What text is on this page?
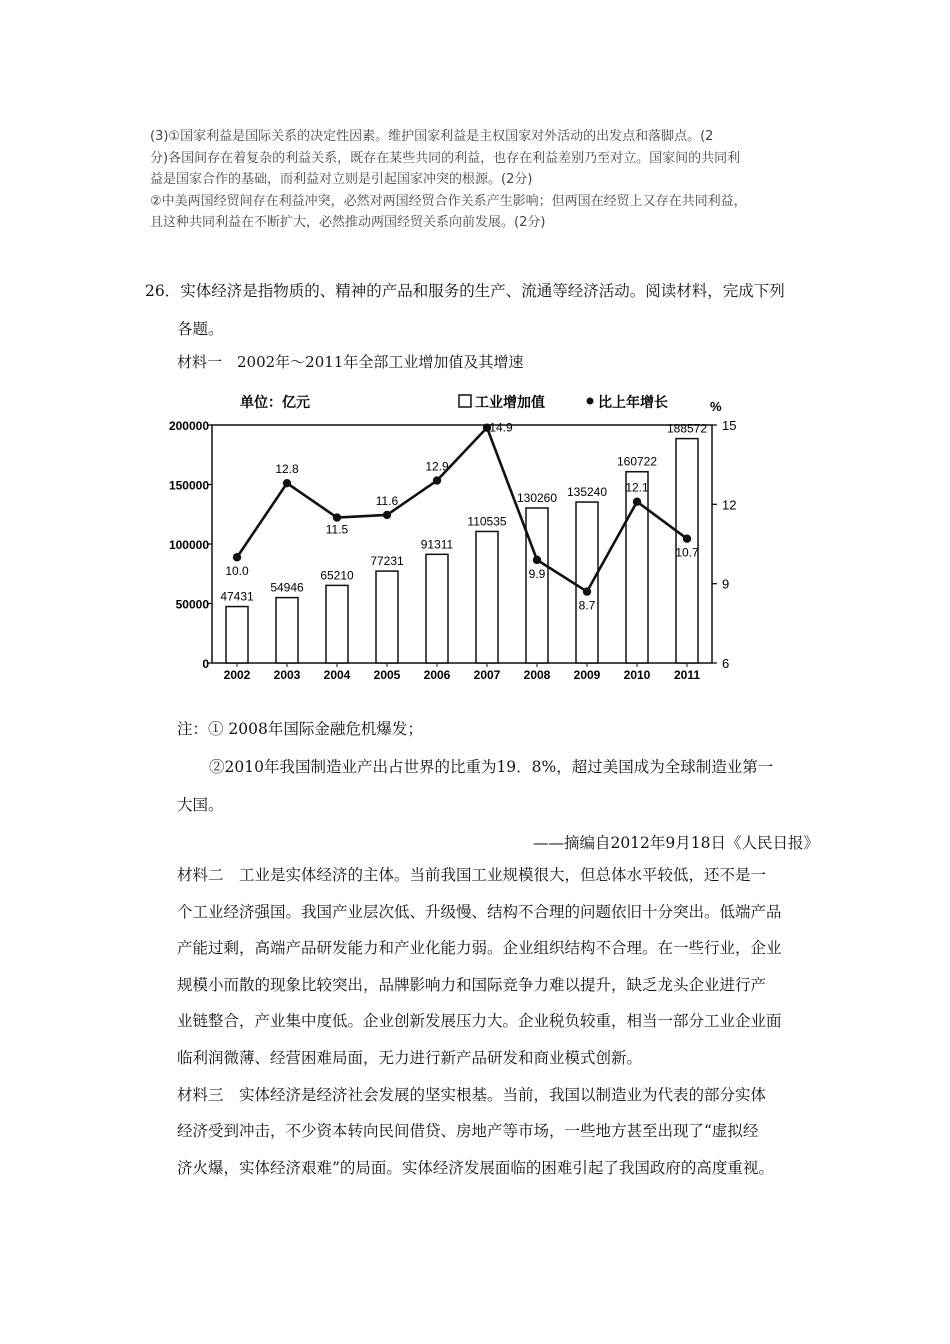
(3)①国家利益是国际关系的决定性因素。维护国家利益是主权国家对外活动的出发点和落脚点。(2
分)各国间存在着复杂的利益关系，既存在某些共同的利益，也存在利益差别乃至对立。国家间的共同利
益是国家合作的基础，而利益对立则是引起国家冲突的根源。(2分)
②中美两国经贸间存在利益冲突，必然对两国经贸合作关系产生影响；但两国在经贸上又存在共同利益，
且这种共同利益在不断扩大，必然推动两国经贸关系向前发展。(2分)
26．实体经济是指物质的、精神的产品和服务的生产、流通等经济活动。阅读材料，完成下列
各题。
材料一　2002年～2011年全部工业增加值及其增速
0
50000
100000
150000
200000
6
9
12
15
单位：亿元	工业增加值	比上年增长	%
47431
54946
65210
77231
91311
110535
130260 135240
160722
188572
10.0
12.8
11.5
11.6
12.9
14.9
9.9
8.7
12.1
10.7
2002 2003 2004 2005 2006 2007 2008 2009 2010 2011
注：① 2008年国际金融危机爆发；
②2010年我国制造业产出占世界的比重为19．8%，超过美国成为全球制造业第一
大国。
——摘编自2012年9月18日《人民日报》
材料二　工业是实体经济的主体。当前我国工业规模很大，但总体水平较低，还不是一
个工业经济强国。我国产业层次低、升级慢、结构不合理的问题依旧十分突出。低端产品
产能过剩，高端产品研发能力和产业化能力弱。企业组织结构不合理。在一些行业，企业
规模小而散的现象比较突出，品牌影响力和国际竞争力难以提升，缺乏龙头企业进行产
业链整合，产业集中度低。企业创新发展压力大。企业税负较重，相当一部分工业企业面
临利润微薄、经营困难局面，无力进行新产品研发和商业模式创新。
材料三　实体经济是经济社会发展的坚实根基。当前，我国以制造业为代表的部分实体
经济受到冲击，不少资本转向民间借贷、房地产等市场，一些地方甚至出现了“虚拟经
济火爆，实体经济艰难”的局面。实体经济发展面临的困难引起了我国政府的高度重视。
